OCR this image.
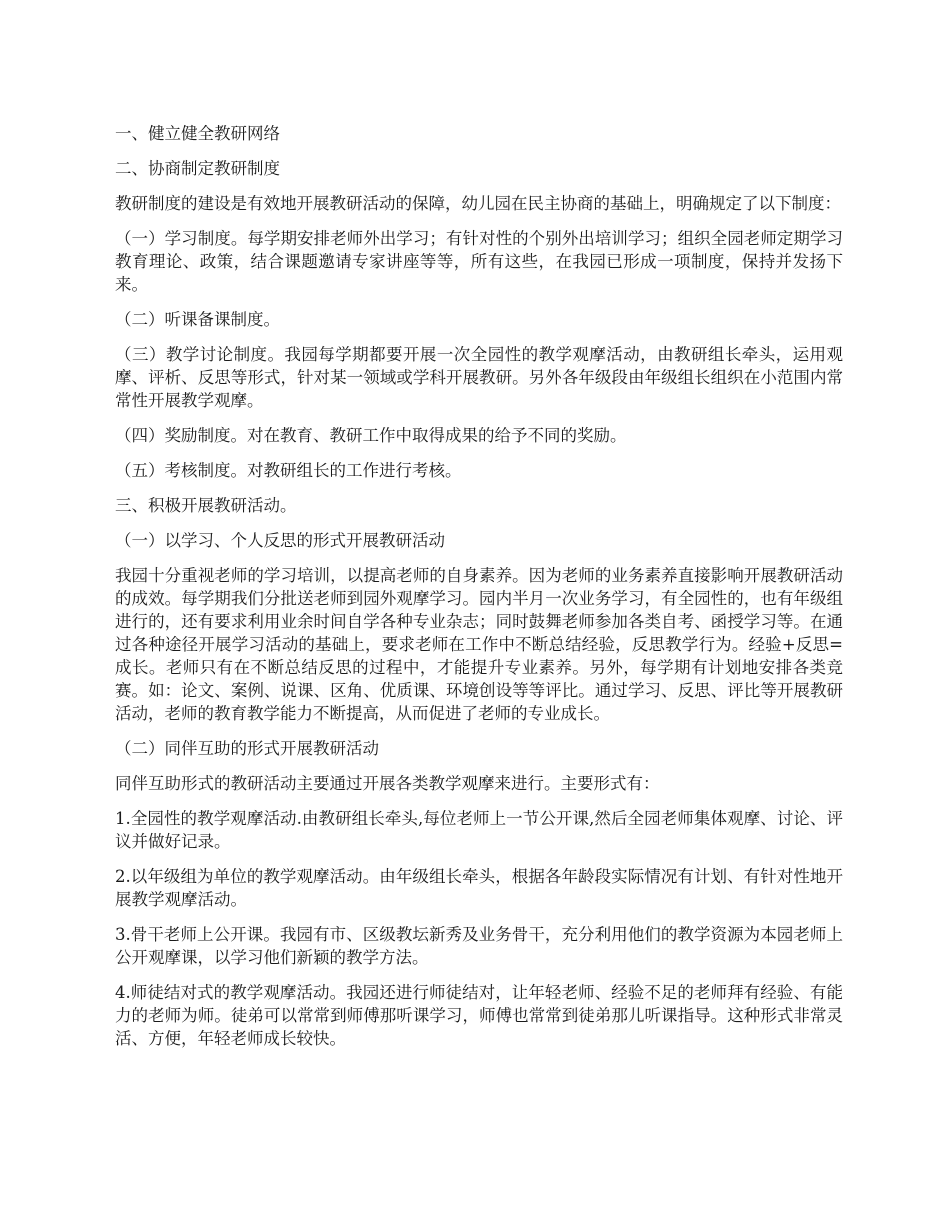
一、健立健全教研网络

二、协商制定教研制度

教研制度的建设是有效地开展教研活动的保障，幼儿园在民主协商的基础上，明确规定了以下制度：

（一）学习制度。每学期安排老师外出学习；有针对性的个别外出培训学习；组织全园老师定期学习教育理论、政策，结合课题邀请专家讲座等等，所有这些，在我园已形成一项制度，保持并发扬下来。

（二）听课备课制度。

（三）教学讨论制度。我园每学期都要开展一次全园性的教学观摩活动，由教研组长牵头，运用观摩、评析、反思等形式，针对某一领域或学科开展教研。另外各年级段由年级组长组织在小范围内常常性开展教学观摩。

（四）奖励制度。对在教育、教研工作中取得成果的给予不同的奖励。

（五）考核制度。对教研组长的工作进行考核。

三、积极开展教研活动。

（一）以学习、个人反思的形式开展教研活动

我园十分重视老师的学习培训，以提高老师的自身素养。因为老师的业务素养直接影响开展教研活动的成效。每学期我们分批送老师到园外观摩学习。园内半月一次业务学习，有全园性的，也有年级组进行的，还有要求利用业余时间自学各种专业杂志；同时鼓舞老师参加各类自考、函授学习等。在通过各种途径开展学习活动的基础上，要求老师在工作中不断总结经验，反思教学行为。经验+反思=成长。老师只有在不断总结反思的过程中，才能提升专业素养。另外，每学期有计划地安排各类竞赛。如：论文、案例、说课、区角、优质课、环境创设等等评比。通过学习、反思、评比等开展教研活动，老师的教育教学能力不断提高，从而促进了老师的专业成长。

（二）同伴互助的形式开展教研活动

同伴互助形式的教研活动主要通过开展各类教学观摩来进行。主要形式有：

1.全园性的教学观摩活动.由教研组长牵头,每位老师上一节公开课,然后全园老师集体观摩、讨论、评议并做好记录。

2.以年级组为单位的教学观摩活动。由年级组长牵头，根据各年龄段实际情况有计划、有针对性地开展教学观摩活动。

3.骨干老师上公开课。我园有市、区级教坛新秀及业务骨干，充分利用他们的教学资源为本园老师上公开观摩课，以学习他们新颖的教学方法。

4.师徒结对式的教学观摩活动。我园还进行师徒结对，让年轻老师、经验不足的老师拜有经验、有能力的老师为师。徒弟可以常常到师傅那听课学习，师傅也常常到徒弟那儿听课指导。这种形式非常灵活、方便，年轻老师成长较快。
